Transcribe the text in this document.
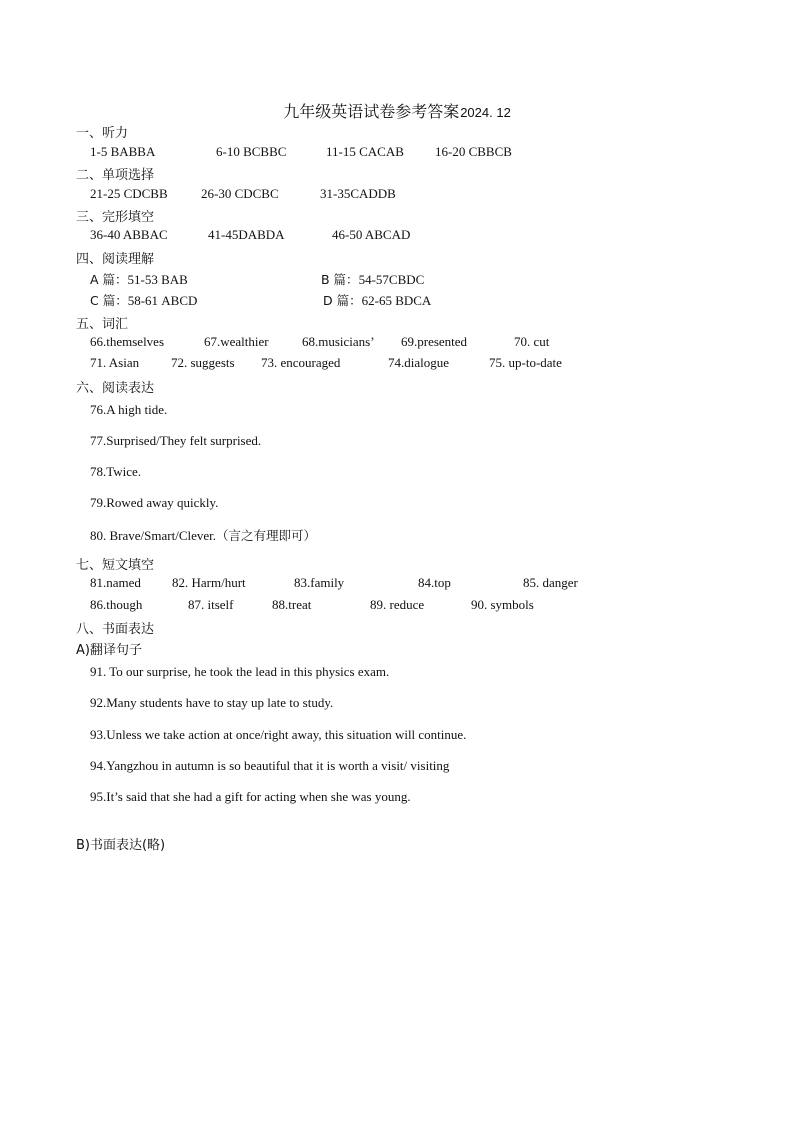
九年级英语试卷参考答案2024. 12
一、听力
1-5 BABBA	6-10 BCBBC	11-15 CACAB 16-20 CBBCB
二、单项选择
21-25 CDCBB	26-30 CDCBC	31-35CADDB
三、完形填空
36-40 ABBAC	41-45DABDA	46-50 ABCAD
四、阅读理解
A 篇：51-53 BAB	B 篇：54-57CBDC
C 篇：58-61 ABCD	D 篇：62-65 BDCA
五、词汇
66.themselves	67.wealthier	68.musicians’ 69.presented	70. cut
71. Asian 72. suggests 73. encouraged	74.dialogue	75. up-to-date
六、阅读表达
76.A high tide.
77.Surprised/They felt surprised.
78.Twice.
79.Rowed away quickly.
80. Brave/Smart/Clever.（言之有理即可）
七、短文填空
81.named 82. Harm/hurt	83.family	84.top	85. danger
86.though	87. itself	88.treat	89. reduce	90. symbols
八、书面表达
A)翻译句子
91. To our surprise, he took the lead in this physics exam.
92.Many students have to stay up late to study.
93.Unless we take action at once/right away, this situation will continue.
94.Yangzhou in autumn is so beautiful that it is worth a visit/ visiting
95.It’s said that she had a gift for acting when she was young.
B)书面表达(略)
